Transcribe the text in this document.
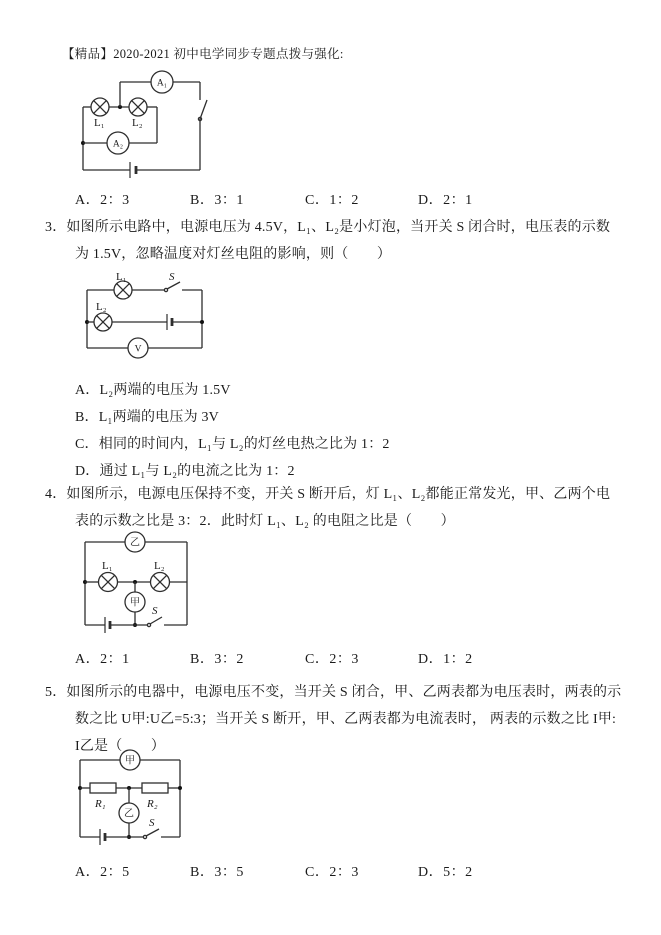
【精品】2020-2021 初中电学同步专题点拨与强化:
A₁
A₂
L₁ L₂
A．2：3	B．3：1	C．1：2	D．2：1
3．如图所示电路中，电源电压为 4.5V，L₁、L₂是小灯泡，当开关 S 闭合时，电压表的示数
为 1.5V，忽略温度对灯丝电阻的影响，则（　　）
L₁	S
L₂
V
A．L₂两端的电压为 1.5V
B．L₁两端的电压为 3V
C．相同的时间内，L₁与 L₂的灯丝电热之比为 1：2
D．通过 L₁与 L₂的电流之比为 1：2
4．如图所示，电源电压保持不变，开关 S 断开后，灯 L₁、L₂都能正常发光，甲、乙两个电
表的示数之比是 3：2．此时灯 L₁、L₂ 的电阻之比是（　　）
乙
L₁	L₂
甲
S
A．2：1	B．3：2	C．2：3	D．1：2
5．如图所示的电器中，电源电压不变，当开关 S 闭合，甲、乙两表都为电压表时，两表的示
数之比 U甲:U乙=5:3；当开关 S 断开，甲、乙两表都为电流表时， 两表的示数之比 I甲:
I乙是（　　）
甲
R₁	R₂
乙
S
A．2：5	B．3：5	C．2：3	D．5：2
